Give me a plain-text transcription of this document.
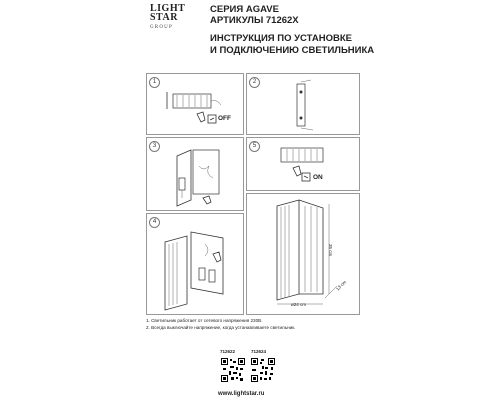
LIGHT
STAR
GROUP
СЕРИЯ AGAVE
АРТИКУЛЫ 71262X
ИНСТРУКЦИЯ ПО УСТАНОВКЕ
И ПОДКЛЮЧЕНИЮ СВЕТИЛЬНИКА
1
OFF
2
3	5
ON
4
35 cm
ø24 cm
13 cm
1. Светильник работает от сетевого напряжения 230В.
2. Всегда выключайте напряжение, когда устанавливаете светильник.
712622	712624
www.lightstar.ru
